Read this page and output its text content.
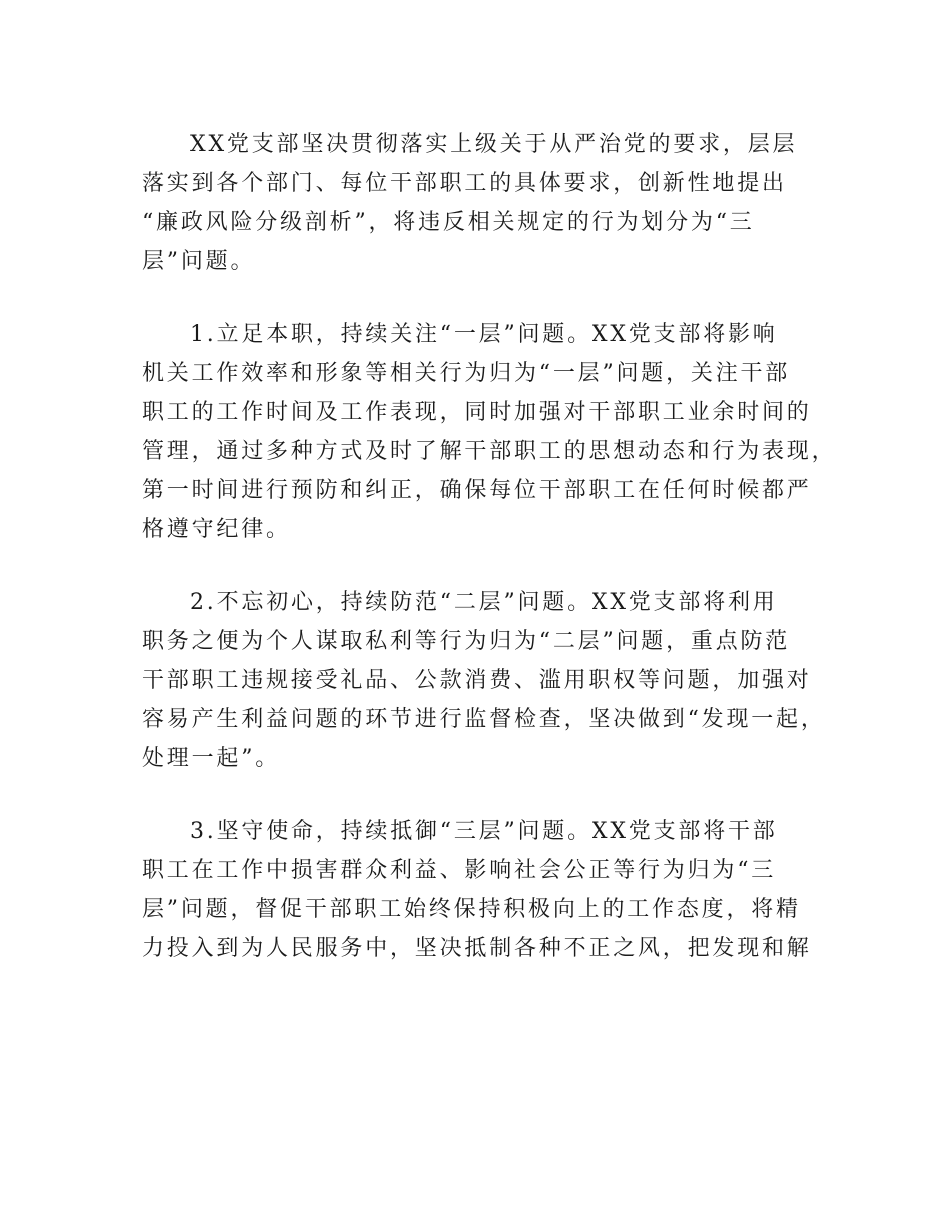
XX党支部坚决贯彻落实上级关于从严治党的要求，层层
落实到各个部门、每位干部职工的具体要求，创新性地提出
“廉政风险分级剖析”，将违反相关规定的行为划分为“三
层”问题。
1.立足本职，持续关注“一层”问题。XX党支部将影响
机关工作效率和形象等相关行为归为“一层”问题，关注干部
职工的工作时间及工作表现，同时加强对干部职工业余时间的
管理，通过多种方式及时了解干部职工的思想动态和行为表现，
第一时间进行预防和纠正，确保每位干部职工在任何时候都严
格遵守纪律。
2.不忘初心，持续防范“二层”问题。XX党支部将利用
职务之便为个人谋取私利等行为归为“二层”问题，重点防范
干部职工违规接受礼品、公款消费、滥用职权等问题，加强对
容易产生利益问题的环节进行监督检查，坚决做到“发现一起，
处理一起”。
3.坚守使命，持续抵御“三层”问题。XX党支部将干部
职工在工作中损害群众利益、影响社会公正等行为归为“三
层”问题，督促干部职工始终保持积极向上的工作态度，将精
力投入到为人民服务中，坚决抵制各种不正之风，把发现和解
